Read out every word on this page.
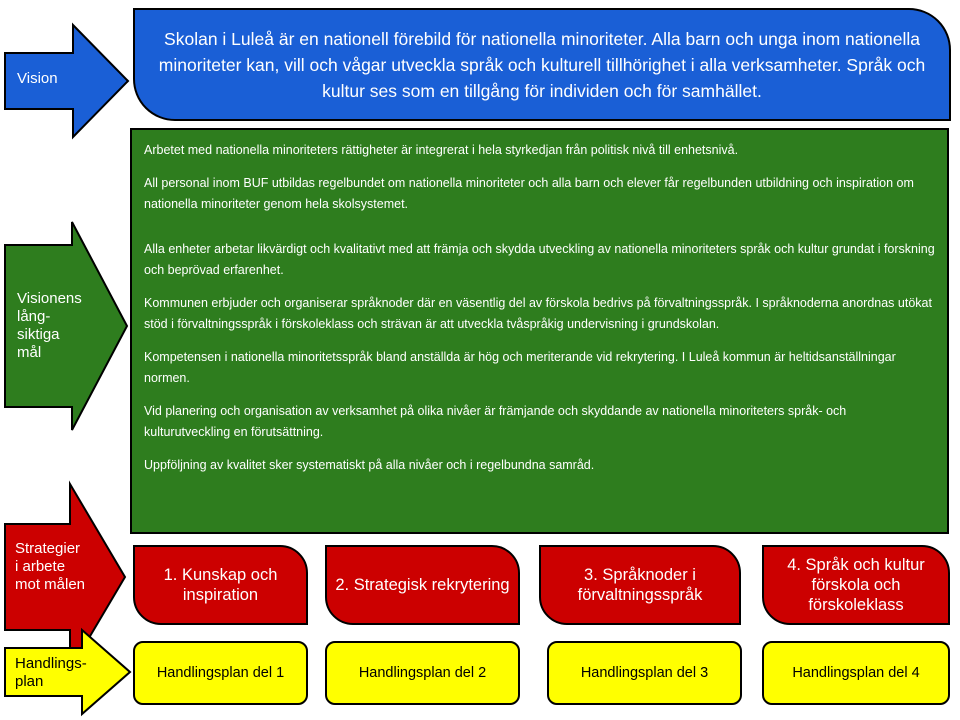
Vision
Visionens
lång-
siktiga
mål
Strategier
i arbete
mot målen
Handlings-
plan
Skolan i Luleå är en nationell förebild för nationella minoriteter. Alla barn och unga inom nationella minoriteter kan, vill och vågar utveckla språk och kulturell tillhörighet i alla verksamheter. Språk och kultur ses som en tillgång för individen och för samhället.

Arbetet med nationella minoriteters rättigheter är integrerat i hela styrkedjan från politisk nivå till enhetsnivå.

All personal inom BUF utbildas regelbundet om nationella minoriteter och alla barn och elever får regelbunden utbildning och inspiration om nationella minoriteter genom hela skolsystemet.

Alla enheter arbetar likvärdigt och kvalitativt med att främja och skydda utveckling av nationella minoriteters språk och kultur grundat i forskning och beprövad erfarenhet.

Kommunen erbjuder och organiserar språknoder där en väsentlig del av förskola bedrivs på förvaltningsspråk. I språknoderna anordnas utökat stöd i förvaltningsspråk i förskoleklass och strävan är att utveckla tvåspråkig undervisning i grundskolan.

Kompetensen i nationella minoritetsspråk bland anställda är hög och meriterande vid rekrytering. I Luleå kommun är heltidsanställningar normen.

Vid planering och organisation av verksamhet på olika nivåer är främjande och skyddande av nationella minoriteters språk- och kulturutveckling en förutsättning.

Uppföljning av kvalitet sker systematiskt på alla nivåer och i regelbundna samråd.

1. Kunskap och inspiration
2. Strategisk rekrytering
3. Språknoder i förvaltningsspråk
4. Språk och kultur förskola och förskoleklass
Handlingsplan del 1	Handlingsplan del 2	Handlingsplan del 3	Handlingsplan del 4
